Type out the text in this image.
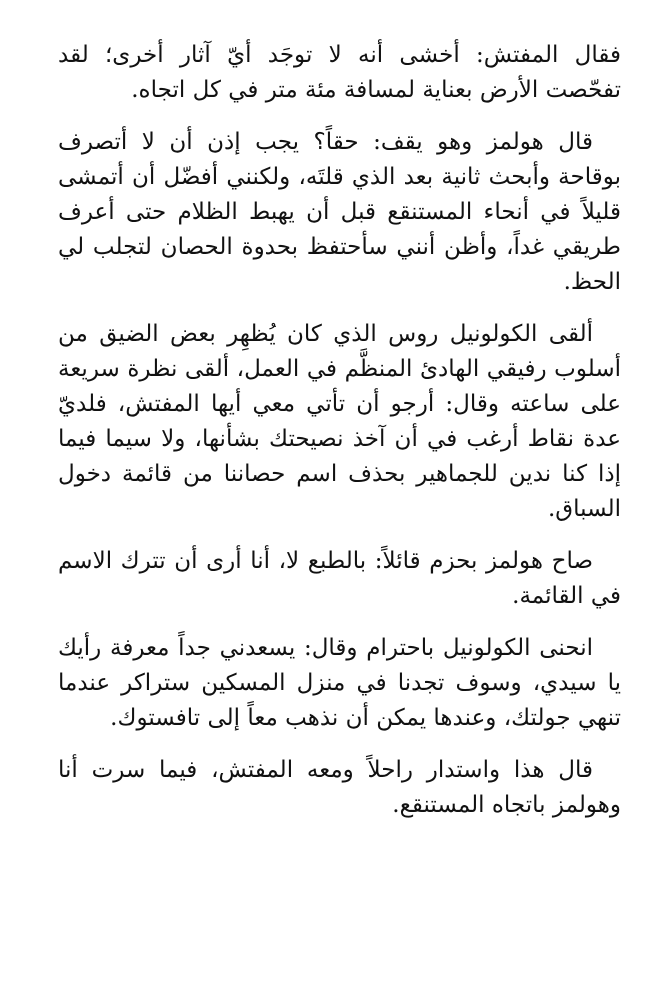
فقال المفتش: أخشى أنه لا توجَد أيّ آثار أخرى؛ لقد تفحّصت الأرض بعناية لمسافة مئة متر في كل اتجاه.

قال هولمز وهو يقف: حقاً؟ يجب إذن أن لا أتصرف بوقاحة وأبحث ثانية بعد الذي قلتَه، ولكنني أفضّل أن أتمشى قليلاً في أنحاء المستنقع قبل أن يهبط الظلام حتى أعرف طريقي غداً، وأظن أنني سأحتفظ بحدوة الحصان لتجلب لي الحظ.

ألقى الكولونيل روس الذي كان يُظهِر بعض الضيق من أسلوب رفيقي الهادئ المنظَّم في العمل، ألقى نظرة سريعة على ساعته وقال: أرجو أن تأتي معي أيها المفتش، فلديّ عدة نقاط أرغب في أن آخذ نصيحتك بشأنها، ولا سيما فيما إذا كنا ندين للجماهير بحذف اسم حصاننا من قائمة دخول السباق.

صاح هولمز بحزم قائلاً: بالطبع لا، أنا أرى أن تترك الاسم في القائمة.

انحنى الكولونيل باحترام وقال: يسعدني جداً معرفة رأيك يا سيدي، وسوف تجدنا في منزل المسكين ستراكر عندما تنهي جولتك، وعندها يمكن أن نذهب معاً إلى تافستوك.

قال هذا واستدار راحلاً ومعه المفتش، فيما سرت أنا وهولمز باتجاه المستنقع.
